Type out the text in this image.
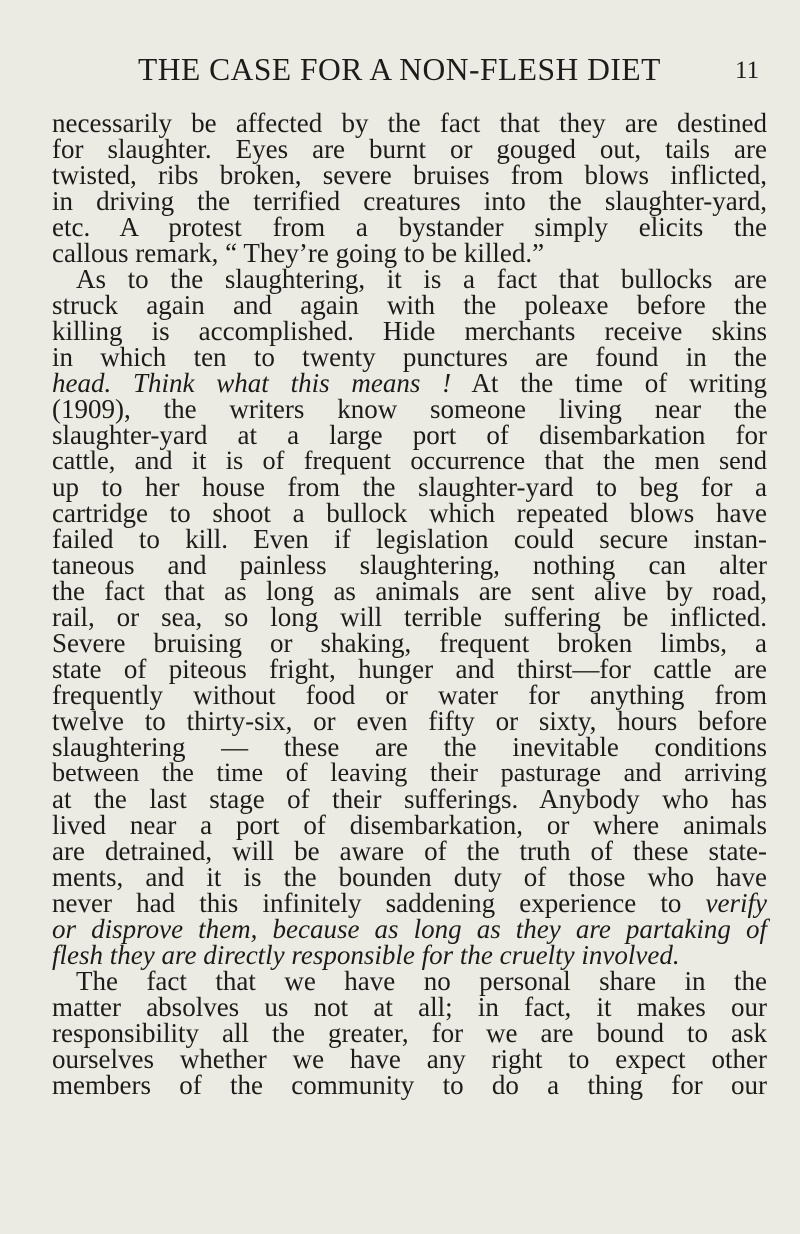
THE CASE FOR A NON-FLESH DIET	11
necessarily be affected by the fact that they are destined
for slaughter. Eyes are burnt or gouged out, tails are
twisted, ribs broken, severe bruises from blows inflicted,
in driving the terrified creatures into the slaughter-yard,
etc. A protest from a bystander simply elicits the
callous remark, “ They’re going to be killed.”
As to the slaughtering, it is a fact that bullocks are
struck again and again with the poleaxe before the
killing is accomplished. Hide merchants receive skins
in which ten to twenty punctures are found in the
head. Think what this means ! At the time of writing
(1909), the writers know someone living near the
slaughter-yard at a large port of disembarkation for
cattle, and it is of frequent occurrence that the men send
up to her house from the slaughter-yard to beg for a
cartridge to shoot a bullock which repeated blows have
failed to kill. Even if legislation could secure instan-
taneous and painless slaughtering, nothing can alter
the fact that as long as animals are sent alive by road,
rail, or sea, so long will terrible suffering be inflicted.
Severe bruising or shaking, frequent broken limbs, a
state of piteous fright, hunger and thirst—for cattle are
frequently without food or water for anything from
twelve to thirty-six, or even fifty or sixty, hours before
slaughtering — these are the inevitable conditions
between the time of leaving their pasturage and arriving
at the last stage of their sufferings. Anybody who has
lived near a port of disembarkation, or where animals
are detrained, will be aware of the truth of these state-
ments, and it is the bounden duty of those who have
never had this infinitely saddening experience to verify
or disprove them, because as long as they are partaking of
flesh they are directly responsible for the cruelty involved.
The fact that we have no personal share in the
matter absolves us not at all; in fact, it makes our
responsibility all the greater, for we are bound to ask
ourselves whether we have any right to expect other
members of the community to do a thing for our
